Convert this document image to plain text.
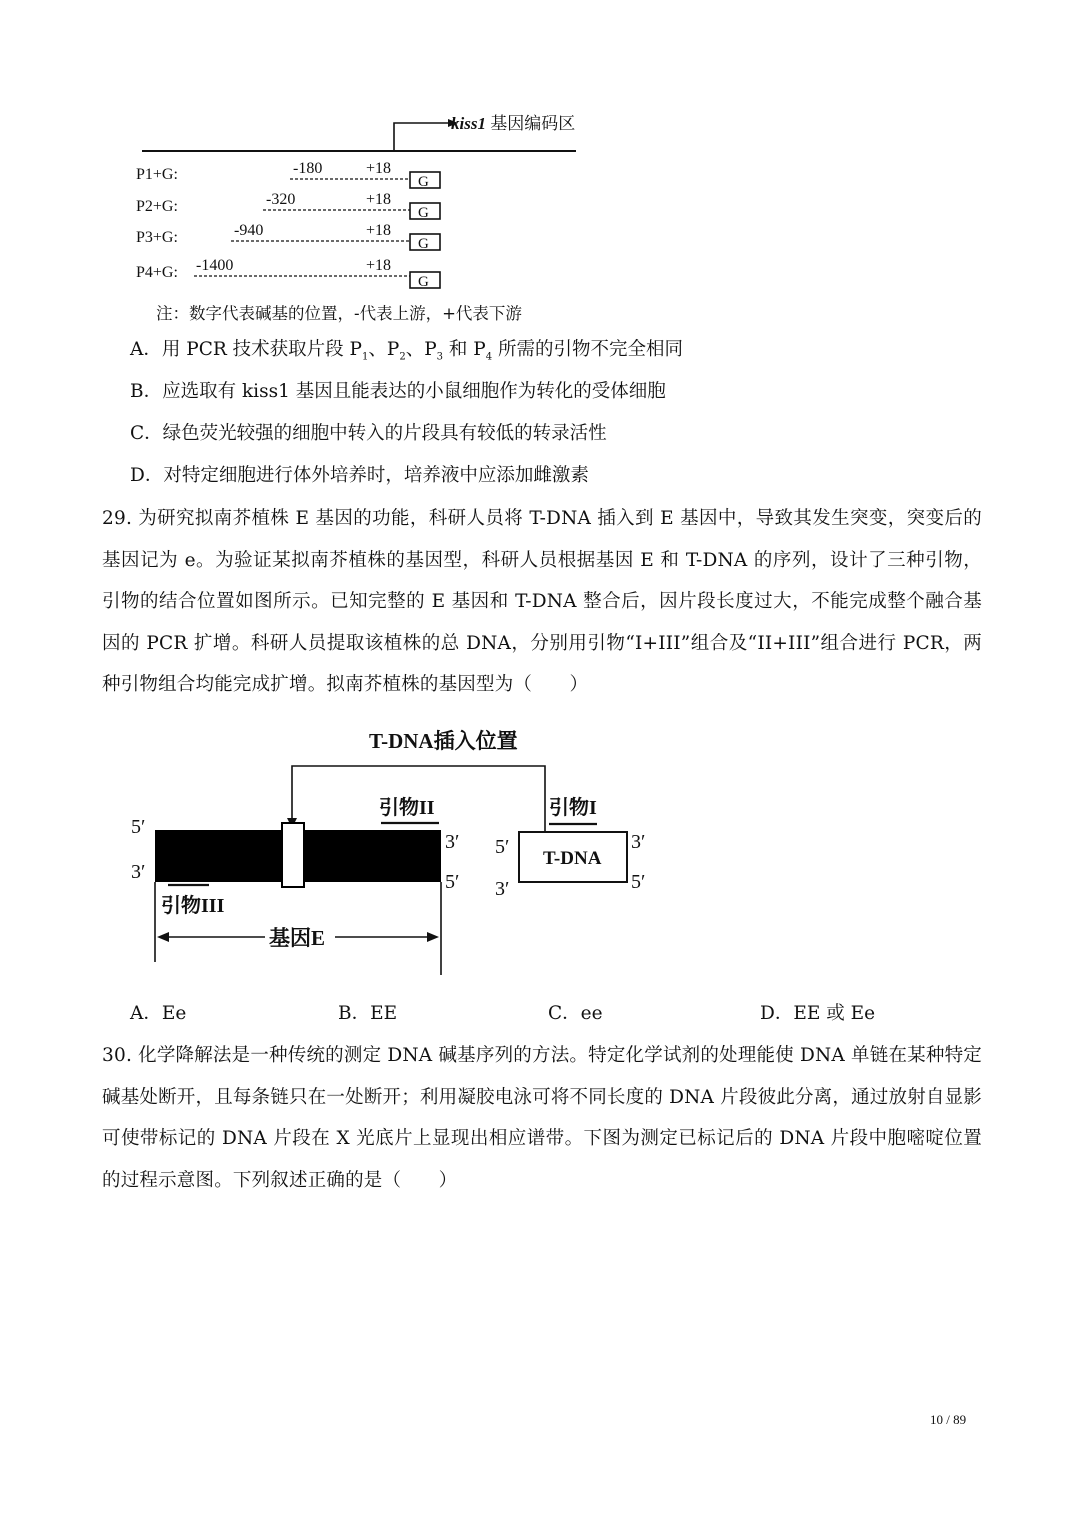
kiss1 基因编码区
P1+G:	-180	+18
G
P2+G:	-320	+18
G
P3+G:	-940	+18
G
P4+G: -1400	+18
G
注：数字代表碱基的位置，-代表上游，+代表下游
A．用 PCR 技术获取片段 $P_1$、$P_2$、$P_3$ 和 $P_4$ 所需的引物不完全相同
B．应选取有 kiss1 基因且能表达的小鼠细胞作为转化的受体细胞
C．绿色荧光较强的细胞中转入的片段具有较低的转录活性
D．对特定细胞进行体外培养时，培养液中应添加雌激素
29. 为研究拟南芥植株 E 基因的功能，科研人员将 T-DNA 插入到 E 基因中，导致其发生突变，突变后的基因记为 e。为验证某拟南芥植株的基因型，科研人员根据基因 E 和 T-DNA 的序列，设计了三种引物，引物的结合位置如图所示。已知完整的 E 基因和 T-DNA 整合后，因片段长度过大，不能完成整个融合基因的 PCR 扩增。科研人员提取该植株的总 DNA，分别用引物“I+III”组合及“II+III”组合进行 PCR，两种引物组合均能完成扩增。拟南芥植株的基因型为（　　）
T-DNA插入位置
5′
3′
3′
5′
引物II
引物III
基因E
引物I
T-DNA
5′
3′
3′
5′
A．Ee	B．EE	C．ee	D．EE 或 Ee
30. 化学降解法是一种传统的测定 DNA 碱基序列的方法。特定化学试剂的处理能使 DNA 单链在某种特定碱基处断开，且每条链只在一处断开；利用凝胶电泳可将不同长度的 DNA 片段彼此分离，通过放射自显影可使带标记的 DNA 片段在 X 光底片上显现出相应谱带。下图为测定已标记后的 DNA 片段中胞嘧啶位置的过程示意图。下列叙述正确的是（　　）
10 / 89
